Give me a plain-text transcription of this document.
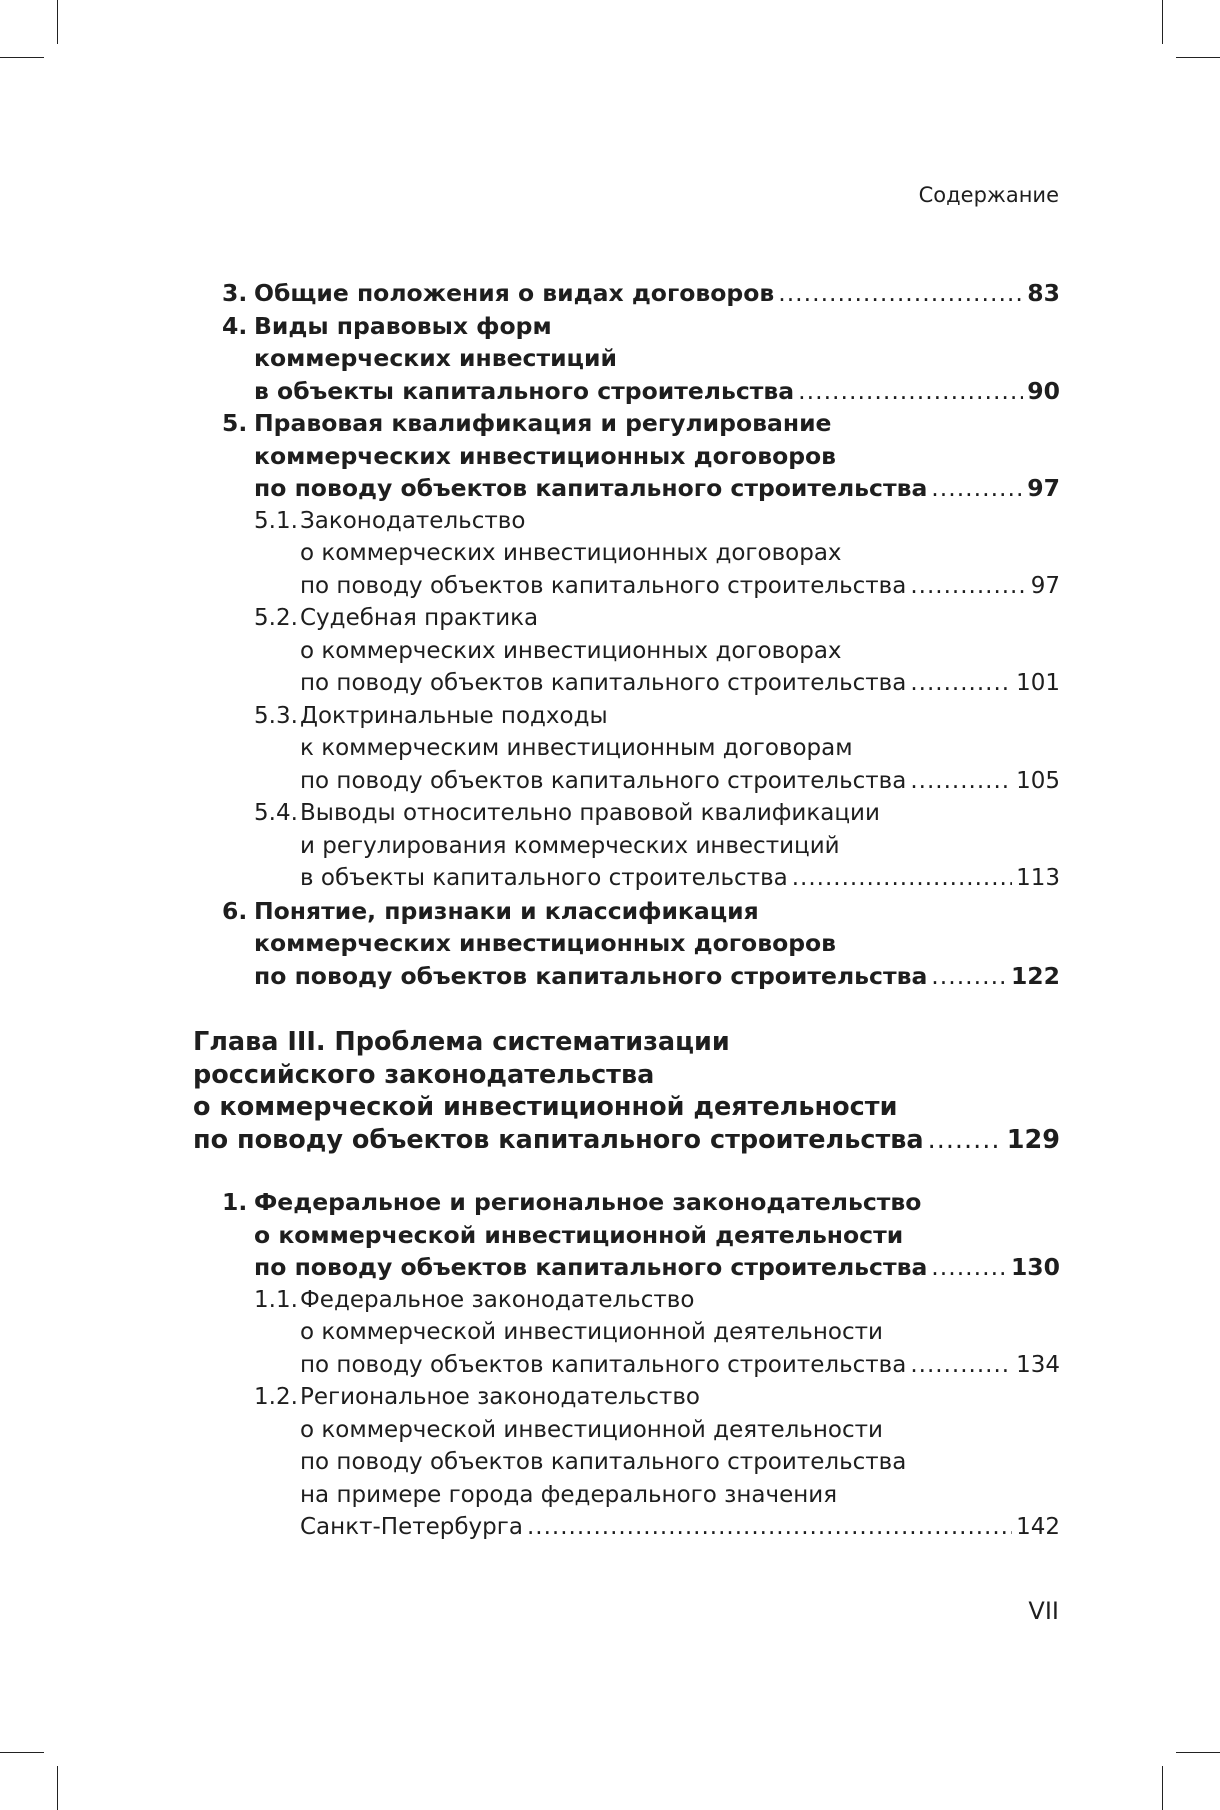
Содержание
3. Общие положения о видах договоров .....	83
4. Виды правовых форм
коммерческих инвестиций
в объекты капитального строительства .....	90
5. Правовая квалификация и регулирование
коммерческих инвестиционных договоров
по поводу объектов капитального строительства .....	97
5.1. Законодательство
о коммерческих инвестиционных договорах
по поводу объектов капитального строительства .....	97
5.2. Судебная практика
о коммерческих инвестиционных договорах
по поводу объектов капитального строительства .....	101
5.3. Доктринальные подходы
к коммерческим инвестиционным договорам
по поводу объектов капитального строительства .....	105
5.4. Выводы относительно правовой квалификации
и регулирования коммерческих инвестиций
в объекты капитального строительства .....	113
6. Понятие, признаки и классификация
коммерческих инвестиционных договоров
по поводу объектов капитального строительства .....	122
Глава III. Проблема систематизации
российского законодательства
о коммерческой инвестиционной деятельности
по поводу объектов капитального строительства .....	129
1. Федеральное и региональное законодательство
о коммерческой инвестиционной деятельности
по поводу объектов капитального строительства .....	130
1.1. Федеральное законодательство
о коммерческой инвестиционной деятельности
по поводу объектов капитального строительства .....	134
1.2. Региональное законодательство
о коммерческой инвестиционной деятельности
по поводу объектов капитального строительства
на примере города федерального значения
Санкт-Петербурга .....	142
VII
